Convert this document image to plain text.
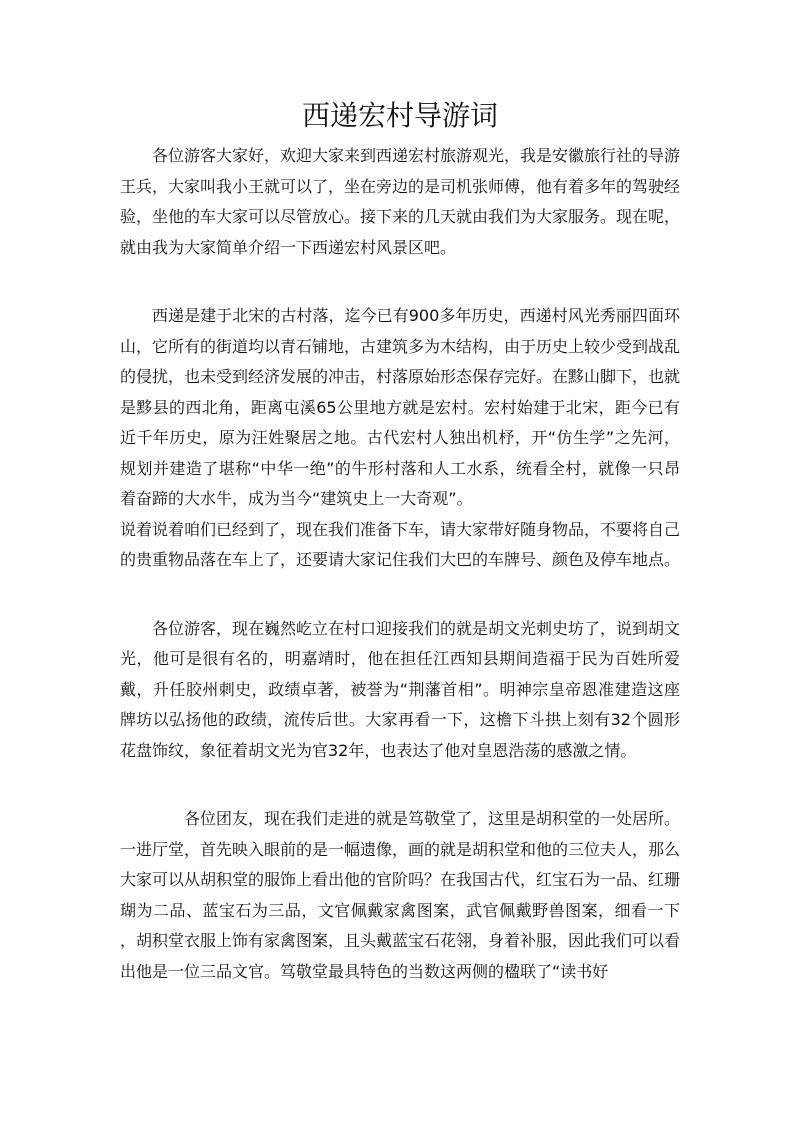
西递宏村导游词

各位游客大家好，欢迎大家来到西递宏村旅游观光，我是安徽旅行社的导游王兵，大家叫我小王就可以了，坐在旁边的是司机张师傅，他有着多年的驾驶经验，坐他的车大家可以尽管放心。接下来的几天就由我们为大家服务。现在呢，就由我为大家简单介绍一下西递宏村风景区吧。

西递是建于北宋的古村落，迄今已有900多年历史，西递村风光秀丽四面环山，它所有的街道均以青石铺地，古建筑多为木结构，由于历史上较少受到战乱的侵扰，也未受到经济发展的冲击，村落原始形态保存完好。在黟山脚下，也就是黟县的西北角，距离屯溪65公里地方就是宏村。宏村始建于北宋，距今已有近千年历史，原为汪姓聚居之地。古代宏村人独出机杼，开“仿生学”之先河，规划并建造了堪称“中华一绝”的牛形村落和人工水系，统看全村，就像一只昂着奋蹄的大水牛，成为当今“建筑史上一大奇观”。

说着说着咱们已经到了，现在我们准备下车，请大家带好随身物品，不要将自己的贵重物品落在车上了，还要请大家记住我们大巴的车牌号、颜色及停车地点。

各位游客，现在巍然屹立在村口迎接我们的就是胡文光刺史坊了，说到胡文光，他可是很有名的，明嘉靖时，他在担任江西知县期间造福于民为百姓所爱戴，升任胶州刺史，政绩卓著，被誉为“荆藩首相”。明神宗皇帝恩准建造这座牌坊以弘扬他的政绩，流传后世。大家再看一下，这檐下斗拱上刻有32个圆形花盘饰纹，象征着胡文光为官32年，也表达了他对皇恩浩荡的感激之情。

各位团友，现在我们走进的就是笃敬堂了，这里是胡积堂的一处居所。一进厅堂，首先映入眼前的是一幅遗像，画的就是胡积堂和他的三位夫人，那么大家可以从胡积堂的服饰上看出他的官阶吗？在我国古代，红宝石为一品、红珊瑚为二品、蓝宝石为三品，文官佩戴家禽图案，武官佩戴野兽图案，细看一下 ，胡积堂衣服上饰有家禽图案，且头戴蓝宝石花翎，身着补服，因此我们可以看出他是一位三品文官。笃敬堂最具特色的当数这两侧的楹联了“读书好
